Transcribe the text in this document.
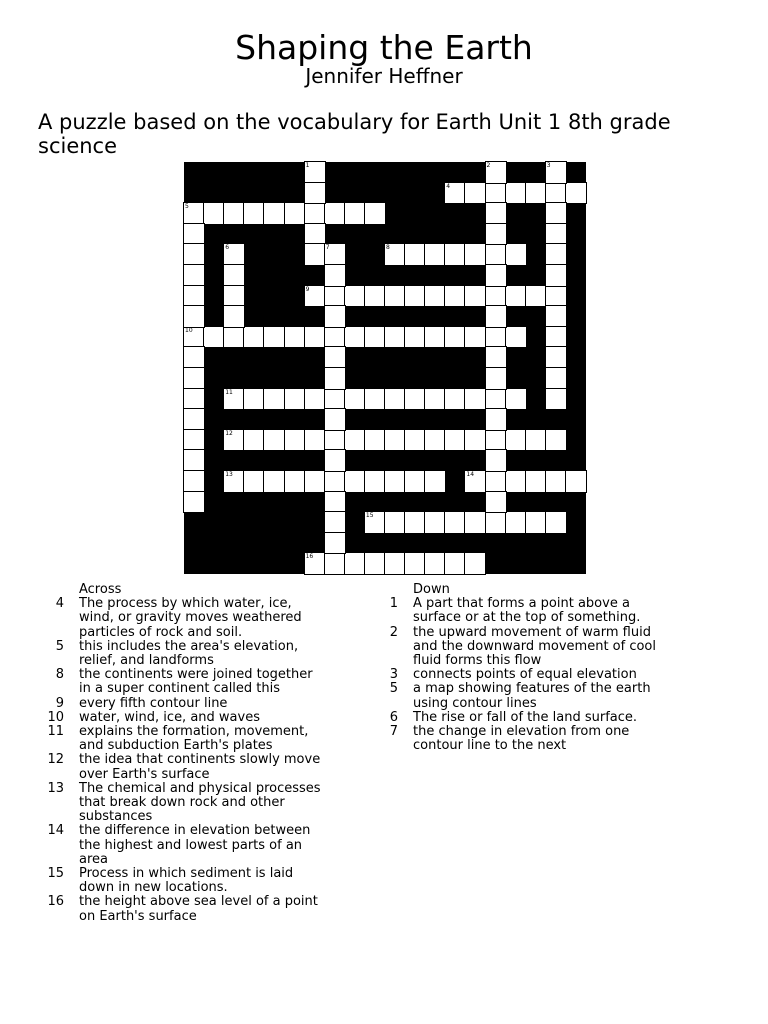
Shaping the Earth
Jennifer Heffner
A puzzle based on the vocabulary for Earth Unit 1 8th grade science
4
5
8
9
10
11
12
13	14
15
16
1	2	3
6	7
Across
4 The process by which water, ice, wind, or gravity moves weathered particles of rock and soil.
5 this includes the area's elevation, relief, and landforms
8 the continents were joined together in a super continent called this
9 every fifth contour line
10 water, wind, ice, and waves
11 explains the formation, movement, and subduction Earth's plates
12 the idea that continents slowly move over Earth's surface
13 The chemical and physical processes that break down rock and other substances
14 the difference in elevation between the highest and lowest parts of an area
15 Process in which sediment is laid down in new locations.
16 the height above sea level of a point on Earth's surface
Down
1 A part that forms a point above a surface or at the top of something.
2 the upward movement of warm fluid and the downward movement of cool fluid forms this flow
3 connects points of equal elevation
5 a map showing features of the earth using contour lines
6 The rise or fall of the land surface.
7 the change in elevation from one contour line to the next
